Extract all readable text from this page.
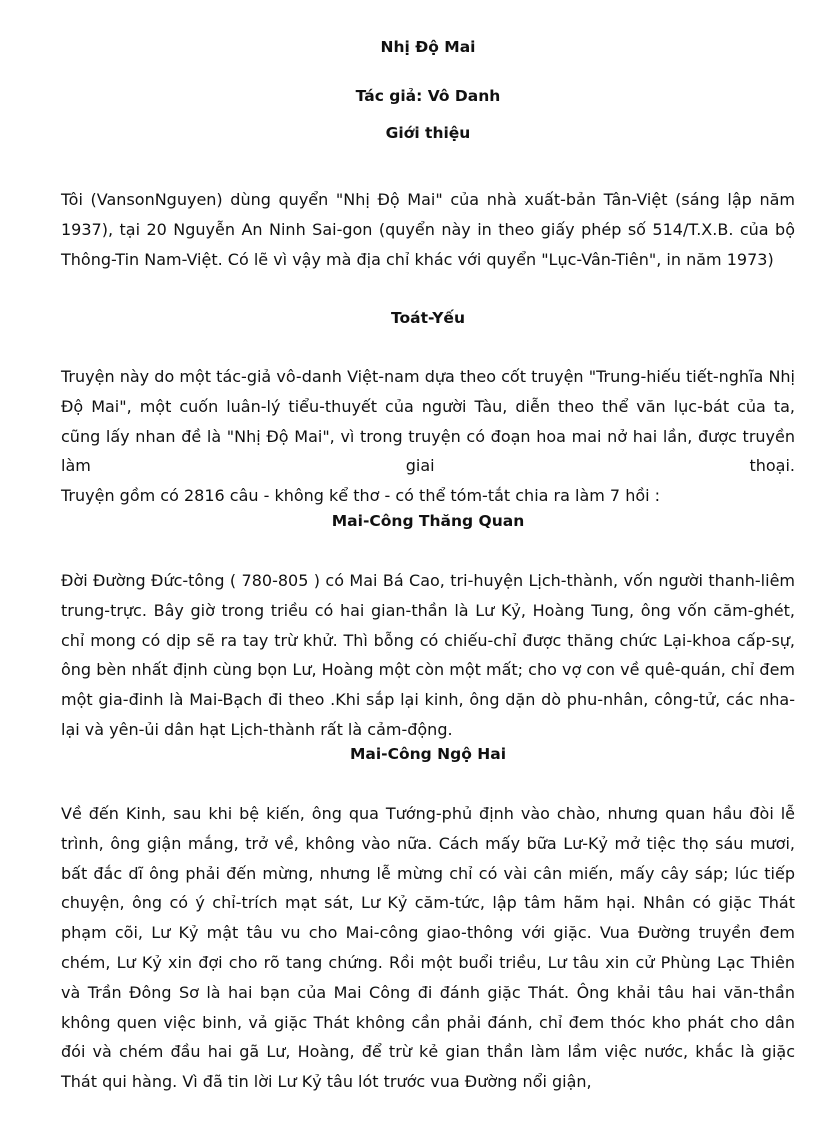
Nhị Độ Mai

Tác giả: Vô Danh

Giới thiệu

Tôi (VansonNguyen) dùng quyển "Nhị Độ Mai" của nhà xuất-bản Tân-Việt (sáng lập năm 1937), tại 20 Nguyễn An Ninh Sai-gon (quyển này in theo giấy phép số 514/T.X.B. của bộ Thông-Tin Nam-Việt. Có lẽ vì vậy mà địa chỉ khác với quyển "Lục-Vân-Tiên", in năm 1973)

Toát-Yếu
Truyện này do một tác-giả vô-danh Việt-nam dựa theo cốt truyện "Trung-hiếu tiết-nghĩa Nhị Độ Mai", một cuốn luân-lý tiểu-thuyết của người Tàu, diễn theo thể văn lục-bát của ta, cũng lấy nhan đề là "Nhị Độ Mai", vì trong truyện có đoạn hoa mai nở hai lần, được truyền làm giai thoại.
Truyện gồm có 2816 câu - không kể thơ - có thể tóm-tắt chia ra làm 7 hồi :
Mai-Công Thăng Quan

Đời Đường Đức-tông ( 780-805 ) có Mai Bá Cao, tri-huyện Lịch-thành, vốn người thanh-liêm trung-trực. Bây giờ trong triều có hai gian-thần là Lư Kỷ, Hoàng Tung, ông vốn căm-ghét, chỉ mong có dịp sẽ ra tay trừ khử. Thì bỗng có chiếu-chỉ được thăng chức Lại-khoa cấp-sự, ông bèn nhất định cùng bọn Lư, Hoàng một còn một mất; cho vợ con về quê-quán, chỉ đem một gia-đinh là Mai-Bạch đi theo .Khi sắp lại kinh, ông dặn dò phu-nhân, công-tử, các nha-lại và yên-ủi dân hạt Lịch-thành rất là cảm-động.

Mai-Công Ngộ Hai

Về đến Kinh, sau khi bệ kiến, ông qua Tướng-phủ định vào chào, nhưng quan hầu đòi lễ trình, ông giận mắng, trở về, không vào nữa. Cách mấy bữa Lư-Kỷ mở tiệc thọ sáu mươi, bất đắc dĩ ông phải đến mừng, nhưng lễ mừng chỉ có vài cân miến, mấy cây sáp; lúc tiếp chuyện, ông có ý chỉ-trích mạt sát, Lư Kỷ căm-tức, lập tâm hãm hại. Nhân có giặc Thát phạm cõi, Lư Kỷ mật tâu vu cho Mai-công giao-thông với giặc. Vua Đường truyền đem chém, Lư Kỷ xin đợi cho rõ tang chứng. Rồi một buổi triều, Lư tâu xin cử Phùng Lạc Thiên và Trần Đông Sơ là hai bạn của Mai Công đi đánh giặc Thát. Ông khải tâu hai văn-thần không quen việc binh, vả giặc Thát không cần phải đánh, chỉ đem thóc kho phát cho dân đói và chém đầu hai gã Lư, Hoàng, để trừ kẻ gian thần làm lầm việc nước, khắc là giặc Thát qui hàng. Vì đã tin lời Lư Kỷ tâu lót trước vua Đường nổi giận,
